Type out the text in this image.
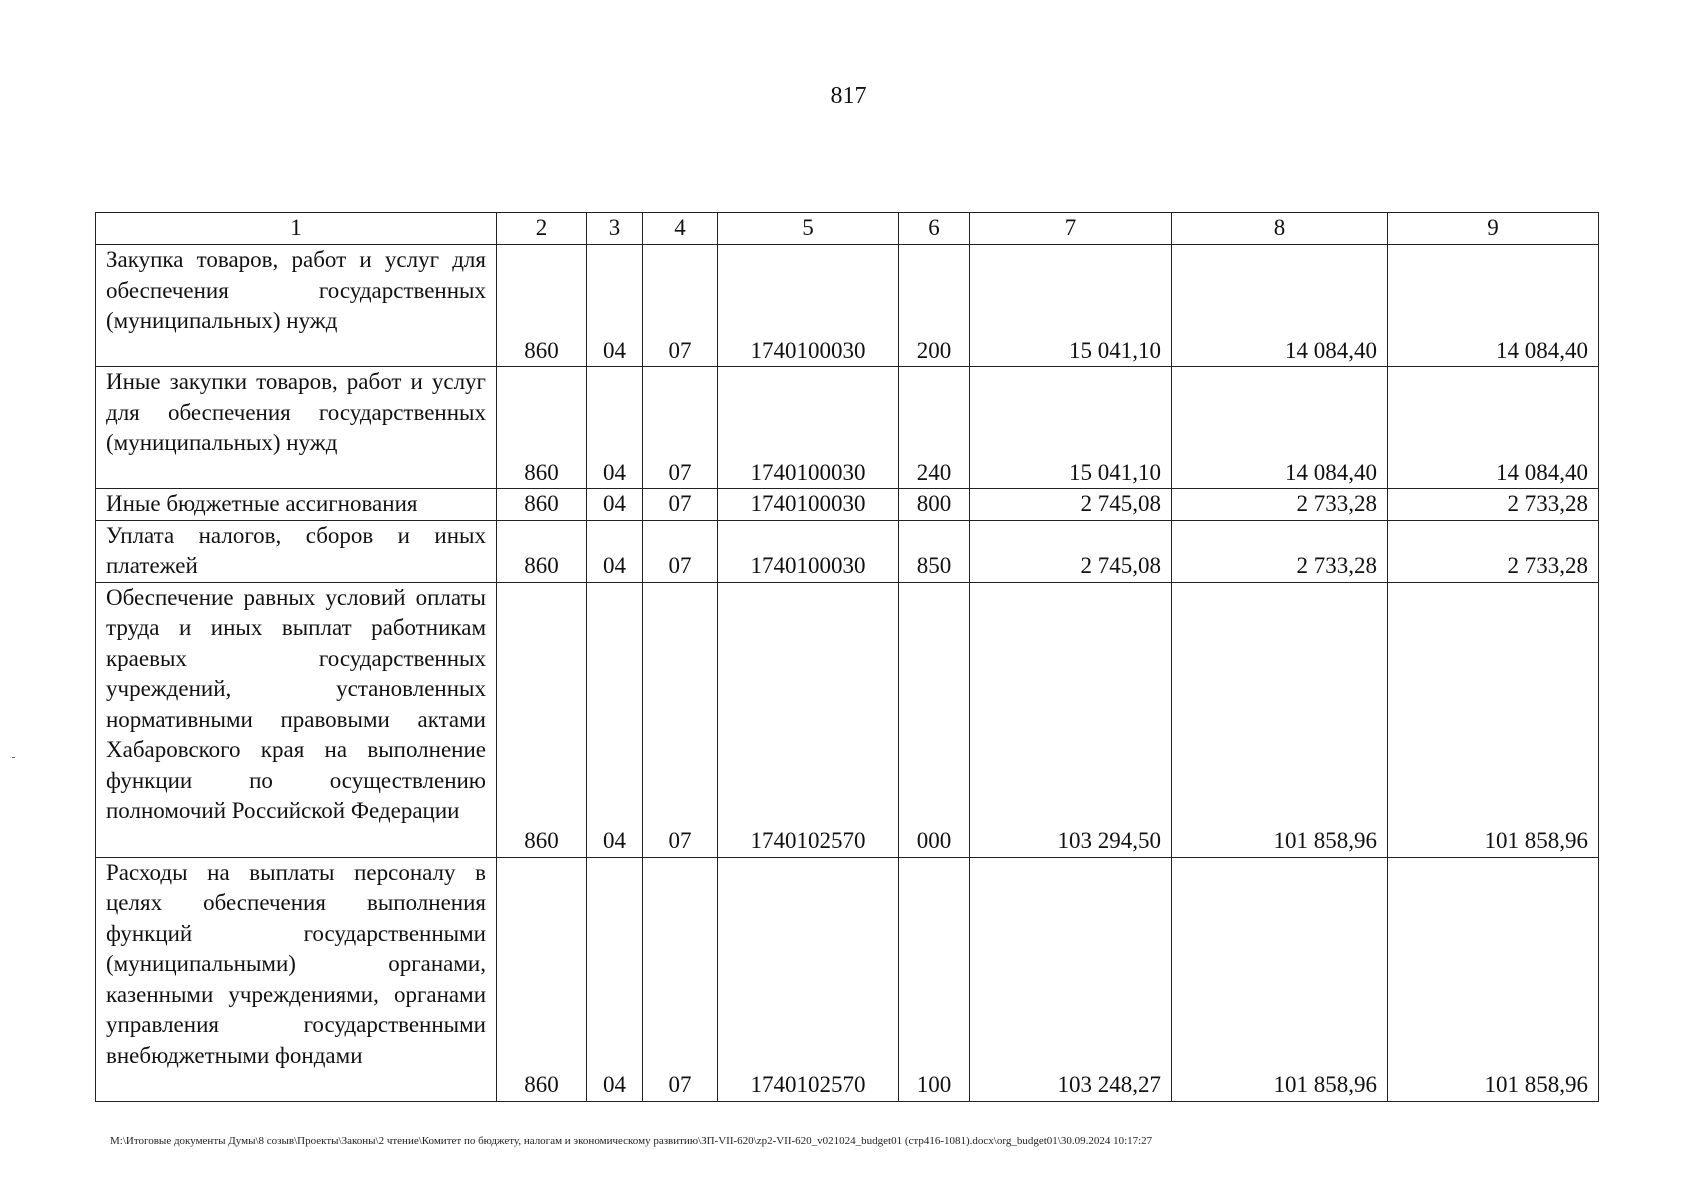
817
1	2	3	4	5	6	7	8	9

Закупка товаров, работ и услуг для обеспечения государственных (муниципальных) нужд	860	04	07	1740100030	200	15 041,10	14 084,40	14 084,40

Иные закупки товаров, работ и услуг для обеспечения государственных (муниципальных) нужд	860	04	07	1740100030	240	15 041,10	14 084,40	14 084,40

Иные бюджетные ассигнования	860	04	07	1740100030	800	2 745,08	2 733,28	2 733,28

Уплата налогов, сборов и иных платежей	860	04	07	1740100030	850	2 745,08	2 733,28	2 733,28

Обеспечение равных условий оплаты труда и иных выплат работникам краевых государственных учреждений, установленных нормативными правовыми актами Хабаровского края на выполнение функции по осуществлению полномочий Российской Федерации	860	04	07	1740102570	000	103 294,50	101 858,96	101 858,96

Расходы на выплаты персоналу в целях обеспечения выполнения функций государственными (муниципальными) органами, казенными учреждениями, органами управления государственными внебюджетными фондами	860	04	07	1740102570	100	103 248,27	101 858,96	101 858,96
M:\Итоговые документы Думы\8 созыв\Проекты\Законы\2 чтение\Комитет по бюджету, налогам и экономическому развитию\ЗП-VII-620\zp2-VII-620_v021024_budget01 (стр416-1081).docx\org_budget01\30.09.2024 10:17:27
